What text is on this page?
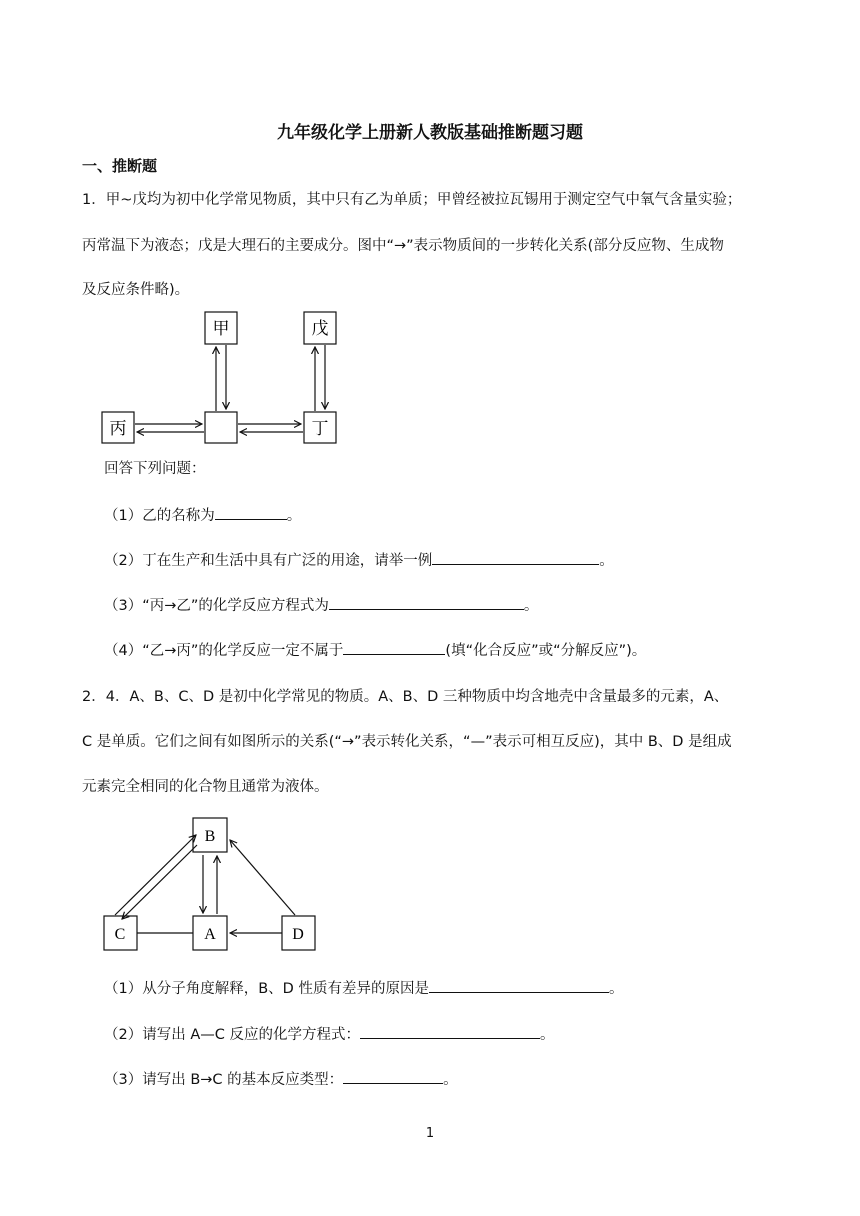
九年级化学上册新人教版基础推断题习题
一、推断题
1．甲~戊均为初中化学常见物质，其中只有乙为单质；甲曾经被拉瓦锡用于测定空气中氧气含量实验；
丙常温下为液态；戊是大理石的主要成分。图中“→”表示物质间的一步转化关系(部分反应物、生成物
及反应条件略)。
甲	戊
丙	丁
回答下列问题：
（1）乙的名称为	。
（2）丁在生产和生活中具有广泛的用途，请举一例	。
（3）“丙→乙”的化学反应方程式为	。
（4）“乙→丙”的化学反应一定不属于	(填“化合反应”或“分解反应”)。
2．4．A、B、C、D 是初中化学常见的物质。A、B、D 三种物质中均含地壳中含量最多的元素，A、
C 是单质。它们之间有如图所示的关系(“→”表示转化关系，“—”表示可相互反应)，其中 B、D 是组成
元素完全相同的化合物且通常为液体。
B
C	A	D
（1）从分子角度解释，B、D 性质有差异的原因是	。
（2）请写出 A—C 反应的化学方程式：	。
（3）请写出 B→C 的基本反应类型：	。
1
